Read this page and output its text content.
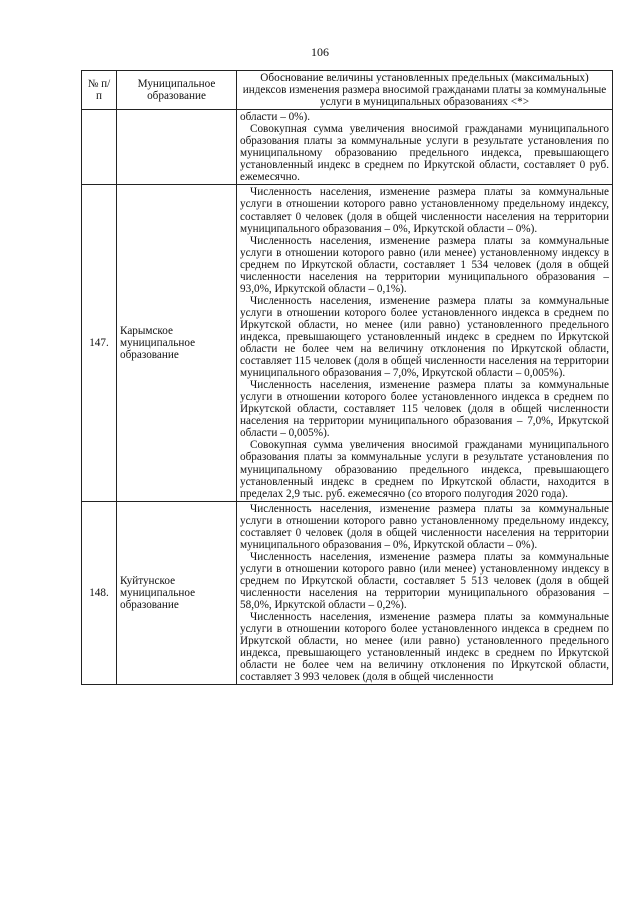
106
№ п/п	Муниципальное образование	Обоснование величины установленных предельных (максимальных) индексов изменения размера вносимой гражданами платы за коммунальные услуги в муниципальных образованиях <*>

		области – 0%).

Совокупная сумма увеличения вносимой гражданами муниципального образования платы за коммунальные услуги в результате установления по муниципальному образованию предельного индекса, превышающего установленный индекс в среднем по Иркутской области, составляет 0 руб. ежемесячно.

147.	Карымское муниципальное образование	Численность населения, изменение размера платы за коммунальные услуги в отношении которого равно установленному предельному индексу, составляет 0 человек (доля в общей численности населения на территории муниципального образования – 0%, Иркутской области – 0%).

Численность населения, изменение размера платы за коммунальные услуги в отношении которого равно (или менее) установленному индексу в среднем по Иркутской области, составляет 1 534 человек (доля в общей численности населения на территории муниципального образования – 93,0%, Иркутской области – 0,1%).

Численность населения, изменение размера платы за коммунальные услуги в отношении которого более установленного индекса в среднем по Иркутской области, но менее (или равно) установленного предельного индекса, превышающего установленный индекс в среднем по Иркутской области не более чем на величину отклонения по Иркутской области, составляет 115 человек (доля в общей численности населения на территории муниципального образования – 7,0%, Иркутской области – 0,005%).

Численность населения, изменение размера платы за коммунальные услуги в отношении которого более установленного индекса в среднем по Иркутской области, составляет 115 человек (доля в общей численности населения на территории муниципального образования – 7,0%, Иркутской области – 0,005%).

Совокупная сумма увеличения вносимой гражданами муниципального образования платы за коммунальные услуги в результате установления по муниципальному образованию предельного индекса, превышающего установленный индекс в среднем по Иркутской области, находится в пределах 2,9 тыс. руб. ежемесячно (со второго полугодия 2020 года).

148.	Куйтунское муниципальное образование	Численность населения, изменение размера платы за коммунальные услуги в отношении которого равно установленному предельному индексу, составляет 0 человек (доля в общей численности населения на территории муниципального образования – 0%, Иркутской области – 0%).

Численность населения, изменение размера платы за коммунальные услуги в отношении которого равно (или менее) установленному индексу в среднем по Иркутской области, составляет 5 513 человек (доля в общей численности населения на территории муниципального образования – 58,0%, Иркутской области – 0,2%).

Численность населения, изменение размера платы за коммунальные услуги в отношении которого более установленного индекса в среднем по Иркутской области, но менее (или равно) установленного предельного индекса, превышающего установленный индекс в среднем по Иркутской области не более чем на величину отклонения по Иркутской области, составляет 3 993 человек (доля в общей численности
